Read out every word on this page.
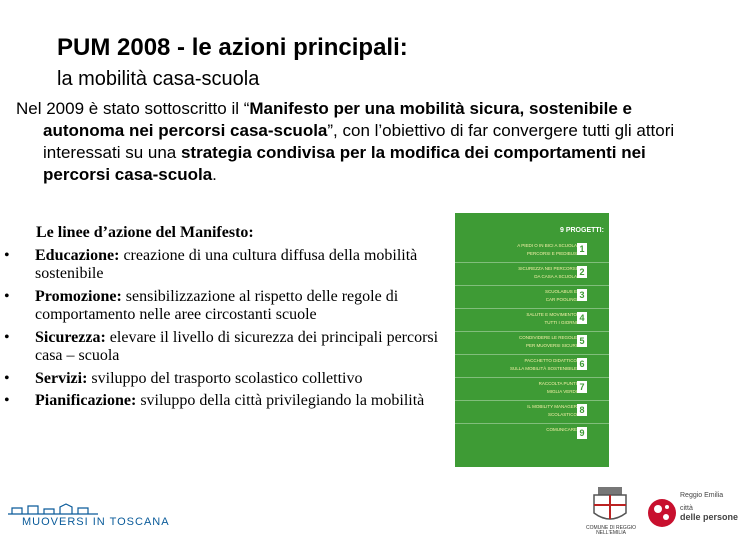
PUM 2008 - le azioni principali:
la mobilità casa-scuola
Nel 2009 è stato sottoscritto il “Manifesto per una mobilità sicura, sostenibile e autonoma nei percorsi casa-scuola”, con l’obiettivo di far convergere tutti gli attori interessati su una strategia condivisa per la modifica dei comportamenti nei percorsi casa-scuola.
Le linee d’azione del Manifesto:
•	Educazione: creazione di una cultura diffusa della mobilità sostenibile
•	Promozione: sensibilizzazione al rispetto delle regole di comportamento nelle aree circostanti scuole
•	Sicurezza: elevare il livello di sicurezza dei principali percorsi casa – scuola
•	Servizi: sviluppo del trasporto scolastico collettivo
•	Pianificazione: sviluppo della città privilegiando la mobilità
9 PROGETTI:
A PIEDI O IN BICI A SCUOLA
PERCORSI E PIEDIBUS 1
SICUREZZA NEI PERCORSI
DA CASA A SCUOLA 2
SCUOLABUS E
CAR POOLING 3
SALUTE E MOVIMENTO
TUTTI I GIORNI 4
CONDIVIDERE LE REGOLE
PER MUOVERSI SICURI 5
PACCHETTO DIDATTICO
SULLA MOBILITÀ SOSTENIBILE 6
RACCOLTA PUNTI
MIGLIA VERDI 7
IL MOBILITY MANAGER
SCOLASTICO 8
COMUNICARE 9
MUOVERSI IN TOSCANA	COMUNE DI REGGIO NELL'EMILIA
Reggio Emilia
città
delle persone
